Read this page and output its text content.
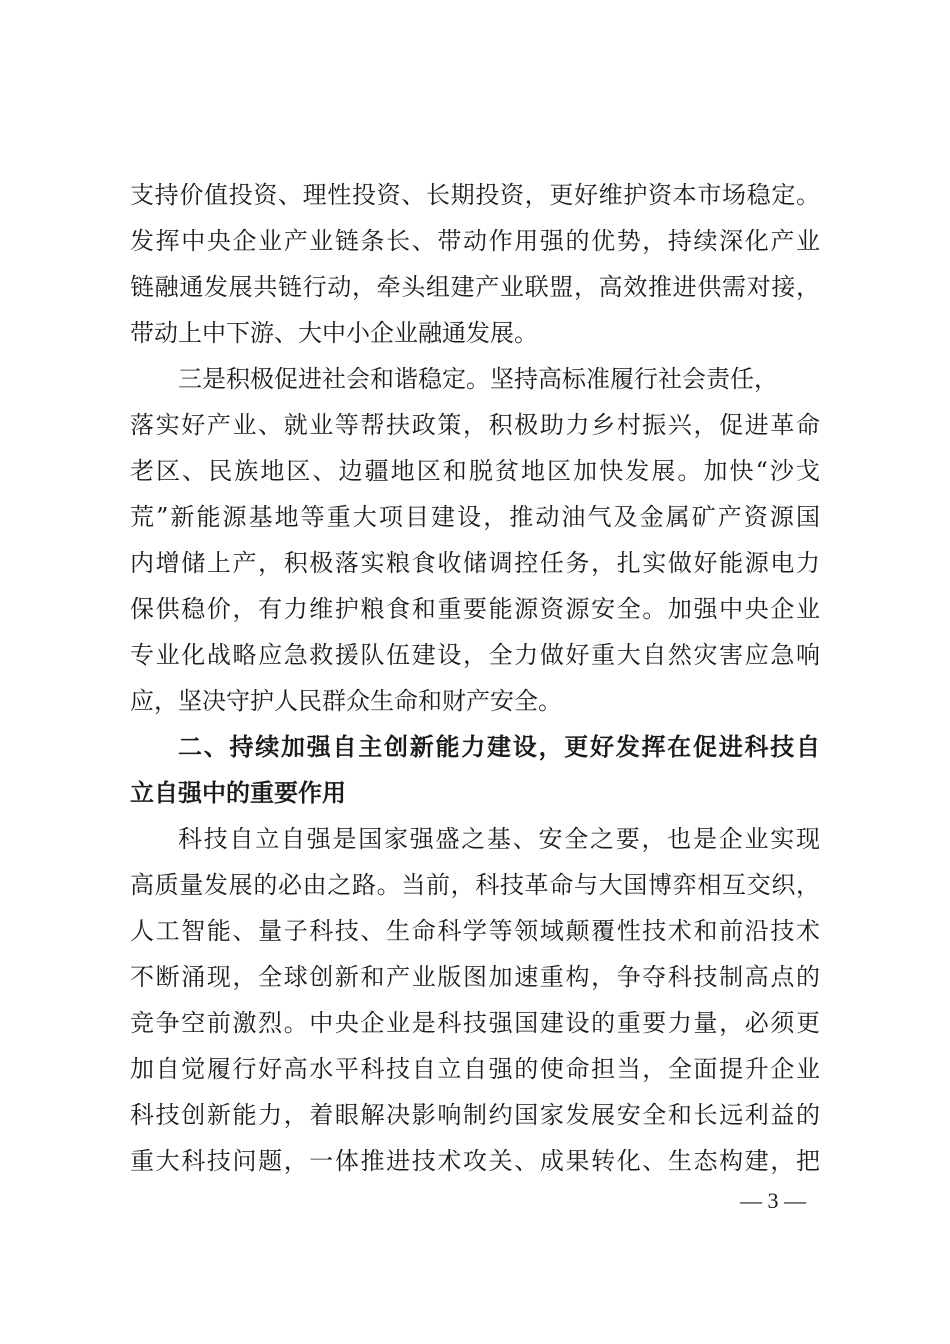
支持价值投资、理性投资、长期投资，更好维护资本市场稳定。
发挥中央企业产业链条长、带动作用强的优势，持续深化产业
链融通发展共链行动，牵头组建产业联盟，高效推进供需对接，
带动上中下游、大中小企业融通发展。
三是积极促进社会和谐稳定。坚持高标准履行社会责任，
落实好产业、就业等帮扶政策，积极助力乡村振兴，促进革命
老区、民族地区、边疆地区和脱贫地区加快发展。加快“沙戈
荒”新能源基地等重大项目建设，推动油气及金属矿产资源国
内增储上产，积极落实粮食收储调控任务，扎实做好能源电力
保供稳价，有力维护粮食和重要能源资源安全。加强中央企业
专业化战略应急救援队伍建设，全力做好重大自然灾害应急响
应，坚决守护人民群众生命和财产安全。
二、持续加强自主创新能力建设，更好发挥在促进科技自
立自强中的重要作用
科技自立自强是国家强盛之基、安全之要，也是企业实现
高质量发展的必由之路。当前，科技革命与大国博弈相互交织，
人工智能、量子科技、生命科学等领域颠覆性技术和前沿技术
不断涌现，全球创新和产业版图加速重构，争夺科技制高点的
竞争空前激烈。中央企业是科技强国建设的重要力量，必须更
加自觉履行好高水平科技自立自强的使命担当，全面提升企业
科技创新能力，着眼解决影响制约国家发展安全和长远利益的
重大科技问题，一体推进技术攻关、成果转化、生态构建，把
— 3 —
